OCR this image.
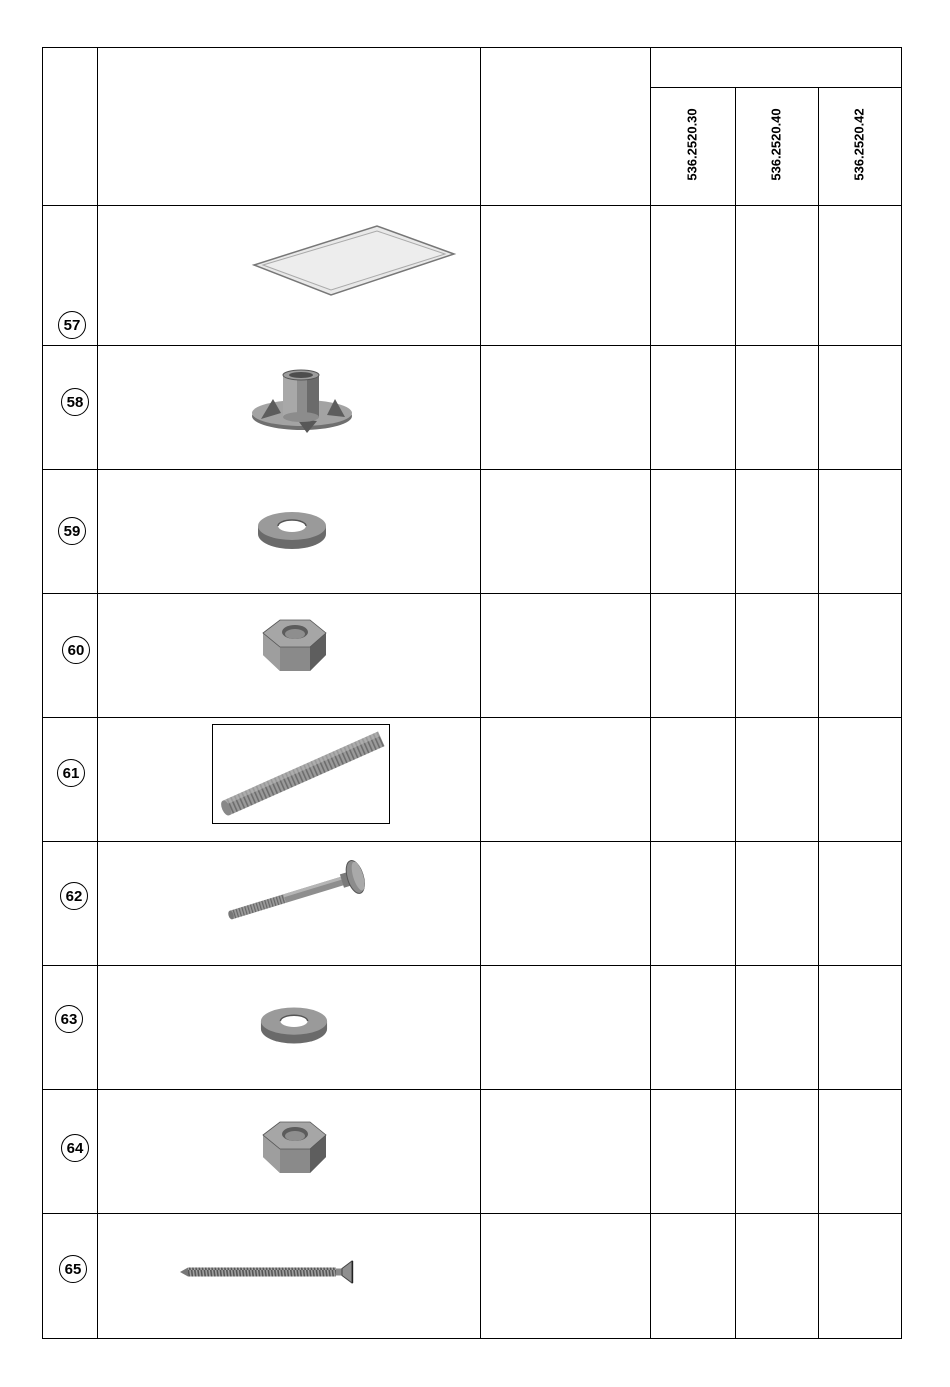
536.2520.30	536.2520.40	536.2520.42
57
58
59
60
61
62
63
64
65
